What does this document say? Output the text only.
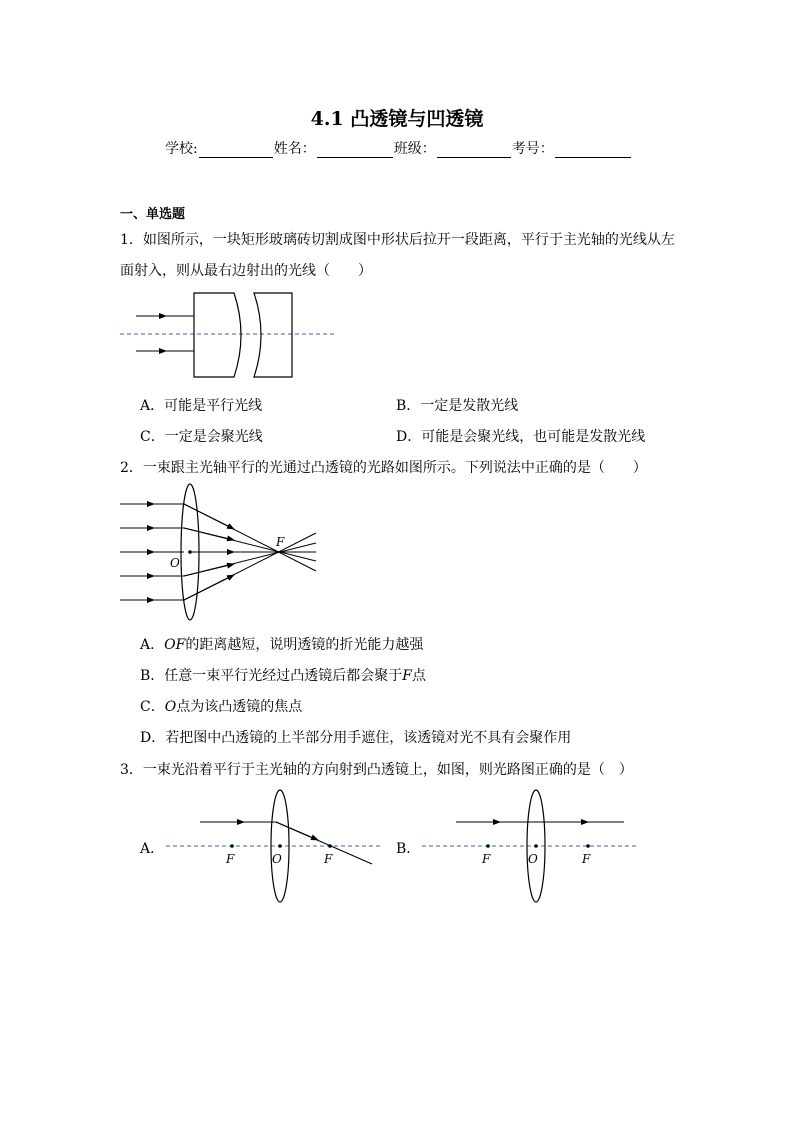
4.1 凸透镜与凹透镜
学校:	姓名：	班级：	考号：
一、单选题
1．如图所示，一块矩形玻璃砖切割成图中形状后拉开一段距离，平行于主光轴的光线从左
面射入，则从最右边射出的光线（　　）
A．可能是平行光线	B．一定是发散光线
C．一定是会聚光线	D．可能是会聚光线，也可能是发散光线
2．一束跟主光轴平行的光通过凸透镜的光路如图所示。下列说法中正确的是（　　）
F
O
A．OF的距离越短，说明透镜的折光能力越强
B．任意一束平行光经过凸透镜后都会聚于F点
C．O点为该凸透镜的焦点
D．若把图中凸透镜的上半部分用手遮住，该透镜对光不具有会聚作用
3．一束光沿着平行于主光轴的方向射到凸透镜上，如图，则光路图正确的是（　）
A．
F	O	F
B．
F	O	F
